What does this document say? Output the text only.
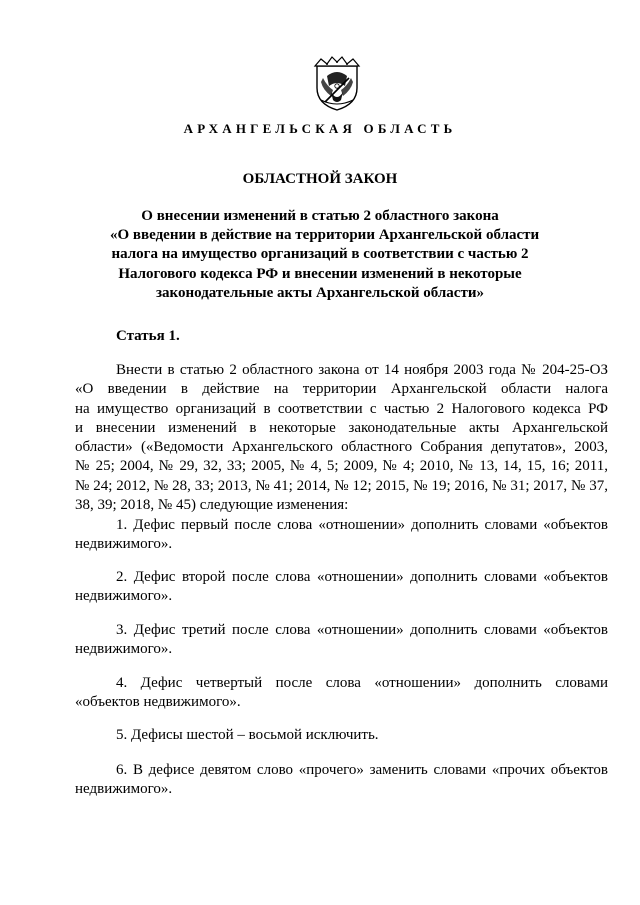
АРХАНГЕЛЬСКАЯ ОБЛАСТЬ
ОБЛАСТНОЙ ЗАКОН
О внесении изменений в статью 2 областного закона
«О введении в действие на территории Архангельской области
налога на имущество организаций в соответствии с частью 2
Налогового кодекса РФ и внесении изменений в некоторые
законодательные акты Архангельской области»
Статья 1.
Внести в статью 2 областного закона от 14 ноября 2003 года № 204-25-ОЗ
«О введении в действие на территории Архангельской области налога
на имущество организаций в соответствии с частью 2 Налогового кодекса РФ
и внесении изменений в некоторые законодательные акты Архангельской
области» («Ведомости Архангельского областного Собрания депутатов», 2003,
№ 25; 2004, № 29, 32, 33; 2005, № 4, 5; 2009, № 4; 2010, № 13, 14, 15, 16; 2011,
№ 24; 2012, № 28, 33; 2013, № 41; 2014, № 12; 2015, № 19; 2016, № 31; 2017, № 37,
38, 39; 2018, № 45) следующие изменения:
1. Дефис первый после слова «отношении» дополнить словами «объектов
недвижимого».
2. Дефис второй после слова «отношении» дополнить словами «объектов
недвижимого».
3. Дефис третий после слова «отношении» дополнить словами «объектов
недвижимого».
4. Дефис четвертый после слова «отношении» дополнить словами
«объектов недвижимого».
5. Дефисы шестой – восьмой исключить.
6. В дефисе девятом слово «прочего» заменить словами «прочих объектов
недвижимого».
